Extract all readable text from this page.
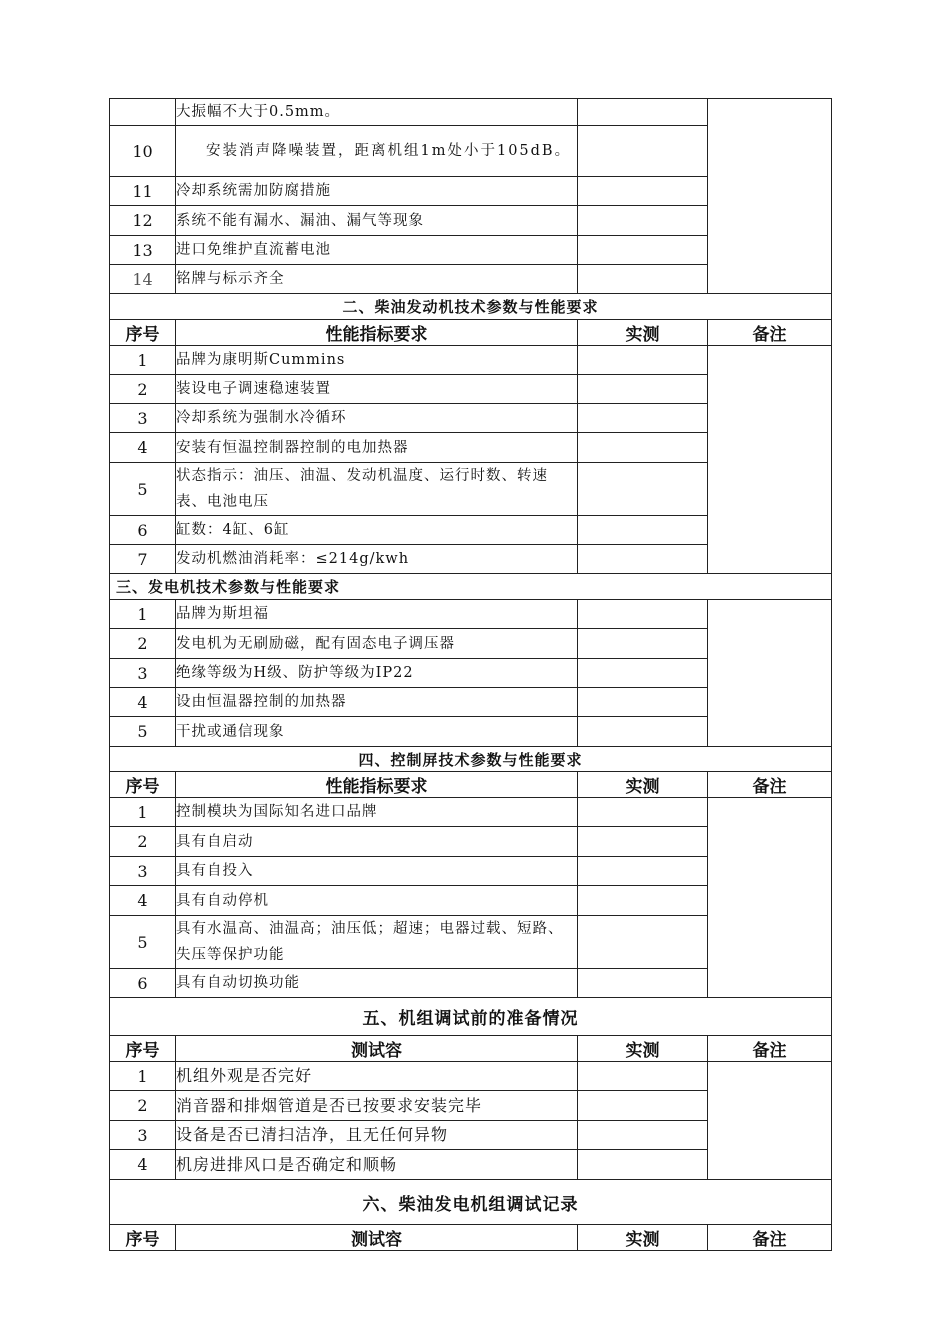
	大振幅不大于0.5mm。		
10	安装消声降噪装置，距离机组1m处小于105dB。		
11	冷却系统需加防腐措施		
12	系统不能有漏水、漏油、漏气等现象		
13	进口免维护直流蓄电池		
14	铭牌与标示齐全		
二、柴油发动机技术参数与性能要求			
序号	性能指标要求	实测	备注
1	品牌为康明斯Cummins		
2	装设电子调速稳速装置		
3	冷却系统为强制水冷循环		
4	安装有恒温控制器控制的电加热器		
5	状态指示：油压、油温、发动机温度、运行时数、转速表、电池电压		
6	缸数：4缸、6缸		
7	发动机燃油消耗率：≤214g/kwh		
三、发电机技术参数与性能要求			
1	品牌为斯坦福		
2	发电机为无刷励磁，配有固态电子调压器		
3	绝缘等级为H级、防护等级为IP22		
4	设由恒温器控制的加热器		
5	干扰或通信现象		
四、控制屏技术参数与性能要求			
序号	性能指标要求	实测	备注
1	控制模块为国际知名进口品牌		
2	具有自启动		
3	具有自投入		
4	具有自动停机		
5	具有水温高、油温高；油压低；超速；电器过载、短路、失压等保护功能		
6	具有自动切换功能		
五、机组调试前的准备情况			
序号	测试容	实测	备注
1	机组外观是否完好		
2	消音器和排烟管道是否已按要求安装完毕		
3	设备是否已清扫洁净，且无任何异物		
4	机房进排风口是否确定和顺畅		
六、柴油发电机组调试记录			
序号	测试容	实测	备注
